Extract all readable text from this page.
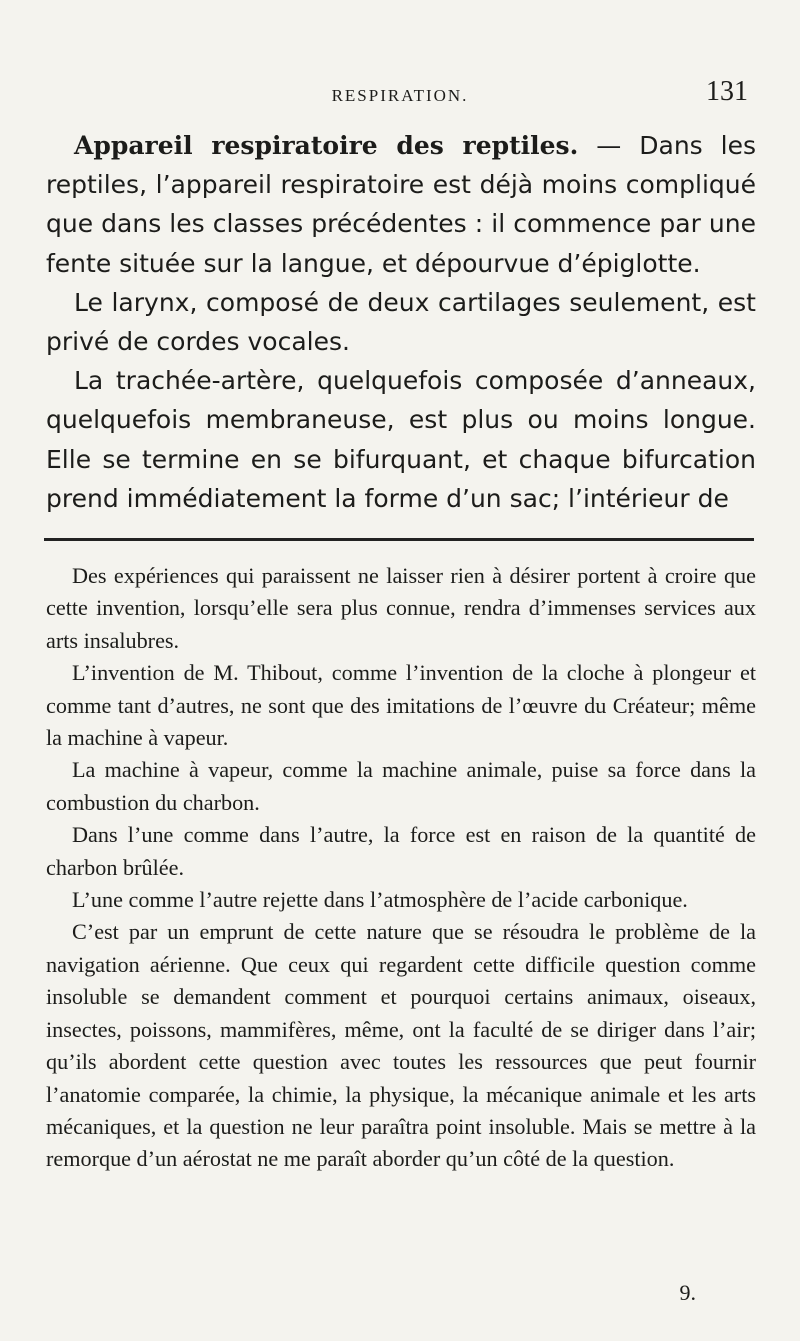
RESPIRATION.	131

Appareil respiratoire des reptiles. — Dans les reptiles, l’appareil respiratoire est déjà moins compliqué que dans les classes précédentes : il commence par une fente située sur la langue, et dépourvue d’épiglotte.

Le larynx, composé de deux cartilages seulement, est privé de cordes vocales.

La trachée-artère, quelquefois composée d’anneaux, quelquefois membraneuse, est plus ou moins longue. Elle se termine en se bifurquant, et chaque bifurcation prend immédiatement la forme d’un sac; l’intérieur de

Des expériences qui paraissent ne laisser rien à désirer portent à croire que cette invention, lorsqu’elle sera plus connue, rendra d’immenses services aux arts insalubres.

L’invention de M. Thibout, comme l’invention de la cloche à plongeur et comme tant d’autres, ne sont que des imitations de l’œuvre du Créateur; même la machine à vapeur.

La machine à vapeur, comme la machine animale, puise sa force dans la combustion du charbon.

Dans l’une comme dans l’autre, la force est en raison de la quantité de charbon brûlée.

L’une comme l’autre rejette dans l’atmosphère de l’acide carbonique.

C’est par un emprunt de cette nature que se résoudra le problème de la navigation aérienne. Que ceux qui regardent cette difficile question comme insoluble se demandent comment et pourquoi certains animaux, oiseaux, insectes, poissons, mammifères, même, ont la faculté de se diriger dans l’air; qu’ils abordent cette question avec toutes les ressources que peut fournir l’anatomie comparée, la chimie, la physique, la mécanique animale et les arts mécaniques, et la question ne leur paraîtra point insoluble. Mais se mettre à la remorque d’un aérostat ne me paraît aborder qu’un côté de la question.

9.
